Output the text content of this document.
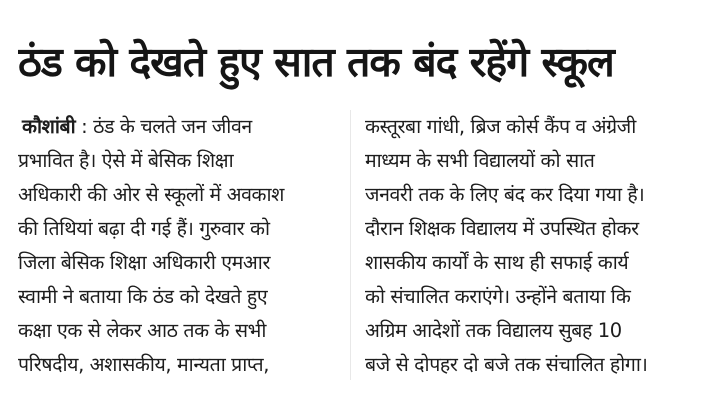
ठंड को देखते हुए सात तक बंद रहेंगे स्कूल
कौशांबी : ठंड के चलते जन जीवन
प्रभावित है। ऐसे में बेसिक शिक्षा
अधिकारी की ओर से स्कूलों में अवकाश
की तिथियां बढ़ा दी गई हैं। गुरुवार को
जिला बेसिक शिक्षा अधिकारी एमआर
स्वामी ने बताया कि ठंड को देखते हुए
कक्षा एक से लेकर आठ तक के सभी
परिषदीय, अशासकीय, मान्यता प्राप्त,
कस्तूरबा गांधी, ब्रिज कोर्स कैंप व अंग्रेजी
माध्यम के सभी विद्यालयों को सात
जनवरी तक के लिए बंद कर दिया गया है।
दौरान शिक्षक विद्यालय में उपस्थित होकर
शासकीय कार्यों के साथ ही सफाई कार्य
को संचालित कराएंगे। उन्होंने बताया कि
अग्रिम आदेशों तक विद्यालय सुबह 10
बजे से दोपहर दो बजे तक संचालित होगा।
